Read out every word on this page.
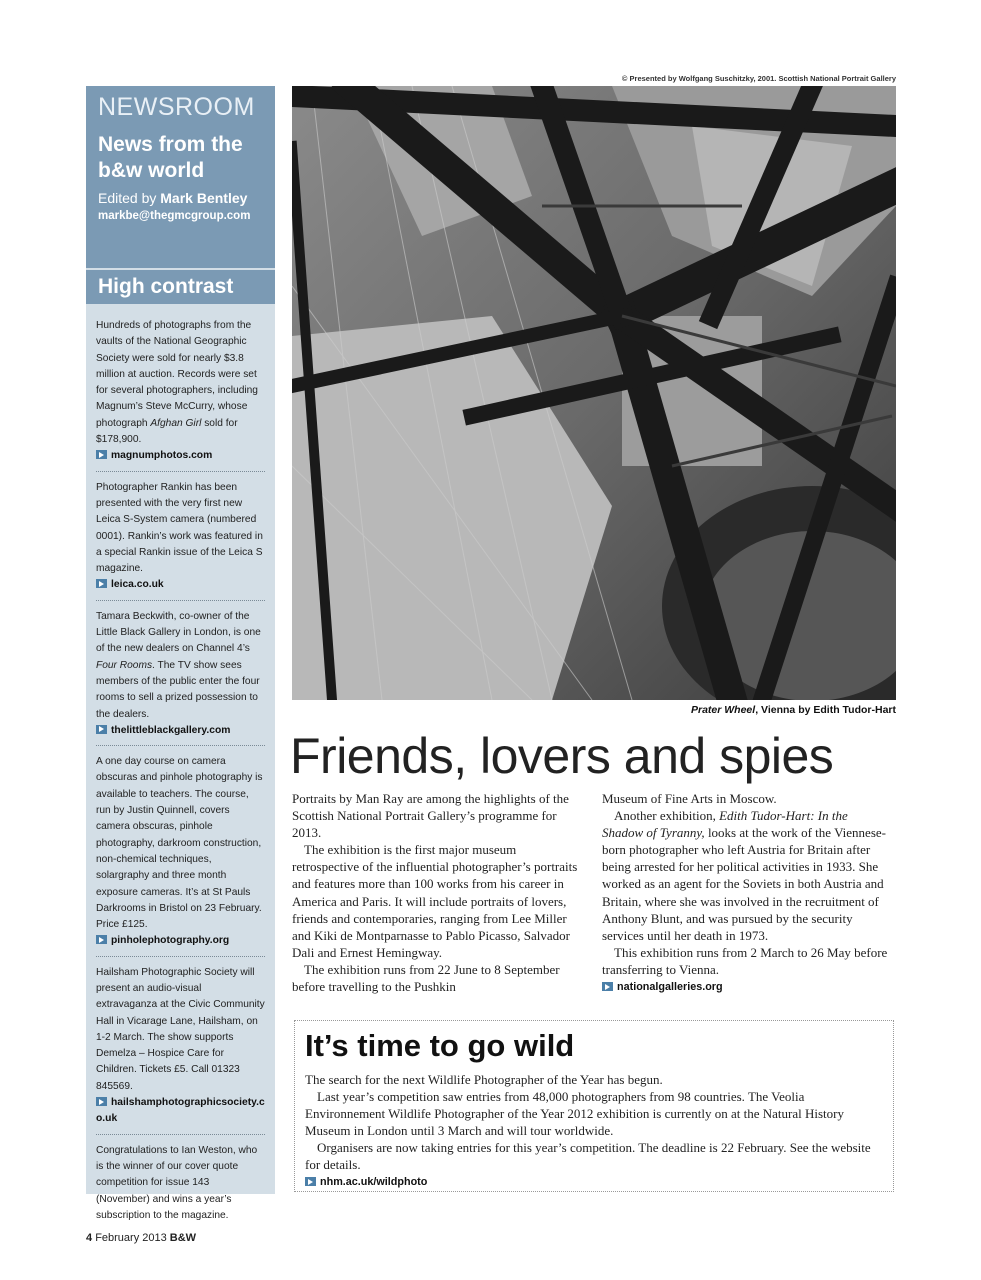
© Presented by Wolfgang Suschitzky, 2001. Scottish National Portrait Gallery
NEWSROOM
News from the b&w world
Edited by Mark Bentley
markbe@thegmcgroup.com
High contrast
Hundreds of photographs from the vaults of the National Geographic Society were sold for nearly $3.8 million at auction. Records were set for several photographers, including Magnum’s Steve McCurry, whose photograph Afghan Girl sold for $178,900.
magnumphotos.com
Photographer Rankin has been presented with the very first new Leica S-System camera (numbered 0001). Rankin’s work was featured in a special Rankin issue of the Leica S magazine.
leica.co.uk
Tamara Beckwith, co-owner of the Little Black Gallery in London, is one of the new dealers on Channel 4’s Four Rooms. The TV show sees members of the public enter the four rooms to sell a prized possession to the dealers.
thelittleblackgallery.com
A one day course on camera obscuras and pinhole photography is available to teachers. The course, run by Justin Quinnell, covers camera obscuras, pinhole photography, darkroom construction, non-chemical techniques, solargraphy and three month exposure cameras. It’s at St Pauls Darkrooms in Bristol on 23 February. Price £125.
pinholephotography.org
Hailsham Photographic Society will present an audio-visual extravaganza at the Civic Community Hall in Vicarage Lane, Hailsham, on 1-2 March. The show supports Demelza – Hospice Care for Children. Tickets £5. Call 01323 845569.
hailshamphotographicsociety.co.uk
Congratulations to Ian Weston, who is the winner of our cover quote competition for issue 143 (November) and wins a year’s subscription to the magazine.
Prater Wheel, Vienna by Edith Tudor-Hart
Friends, lovers and spies

Portraits by Man Ray are among the highlights of the Scottish National Portrait Gallery’s programme for 2013.

The exhibition is the first major museum retrospective of the influential photographer’s portraits and features more than 100 works from his career in America and Paris. It will include portraits of lovers, friends and contemporaries, ranging from Lee Miller and Kiki de Montparnasse to Pablo Picasso, Salvador Dali and Ernest Hemingway.

The exhibition runs from 22 June to 8 September before travelling to the Pushkin

Museum of Fine Arts in Moscow.

Another exhibition, Edith Tudor-Hart: In the Shadow of Tyranny, looks at the work of the Viennese-born photographer who left Austria for Britain after being arrested for her political activities in 1933. She worked as an agent for the Soviets in both Austria and Britain, where she was involved in the recruitment of Anthony Blunt, and was pursued by the security services until her death in 1973.

This exhibition runs from 2 March to 26 May before transferring to Vienna.

nationalgalleries.org
It’s time to go wild

The search for the next Wildlife Photographer of the Year has begun.

Last year’s competition saw entries from 48,000 photographers from 98 countries. The Veolia Environnement Wildlife Photographer of the Year 2012 exhibition is currently on at the Natural History Museum in London until 3 March and will tour worldwide.

Organisers are now taking entries for this year’s competition. The deadline is 22 February. See the website for details.

nhm.ac.uk/wildphoto
4 February 2013 B&W
